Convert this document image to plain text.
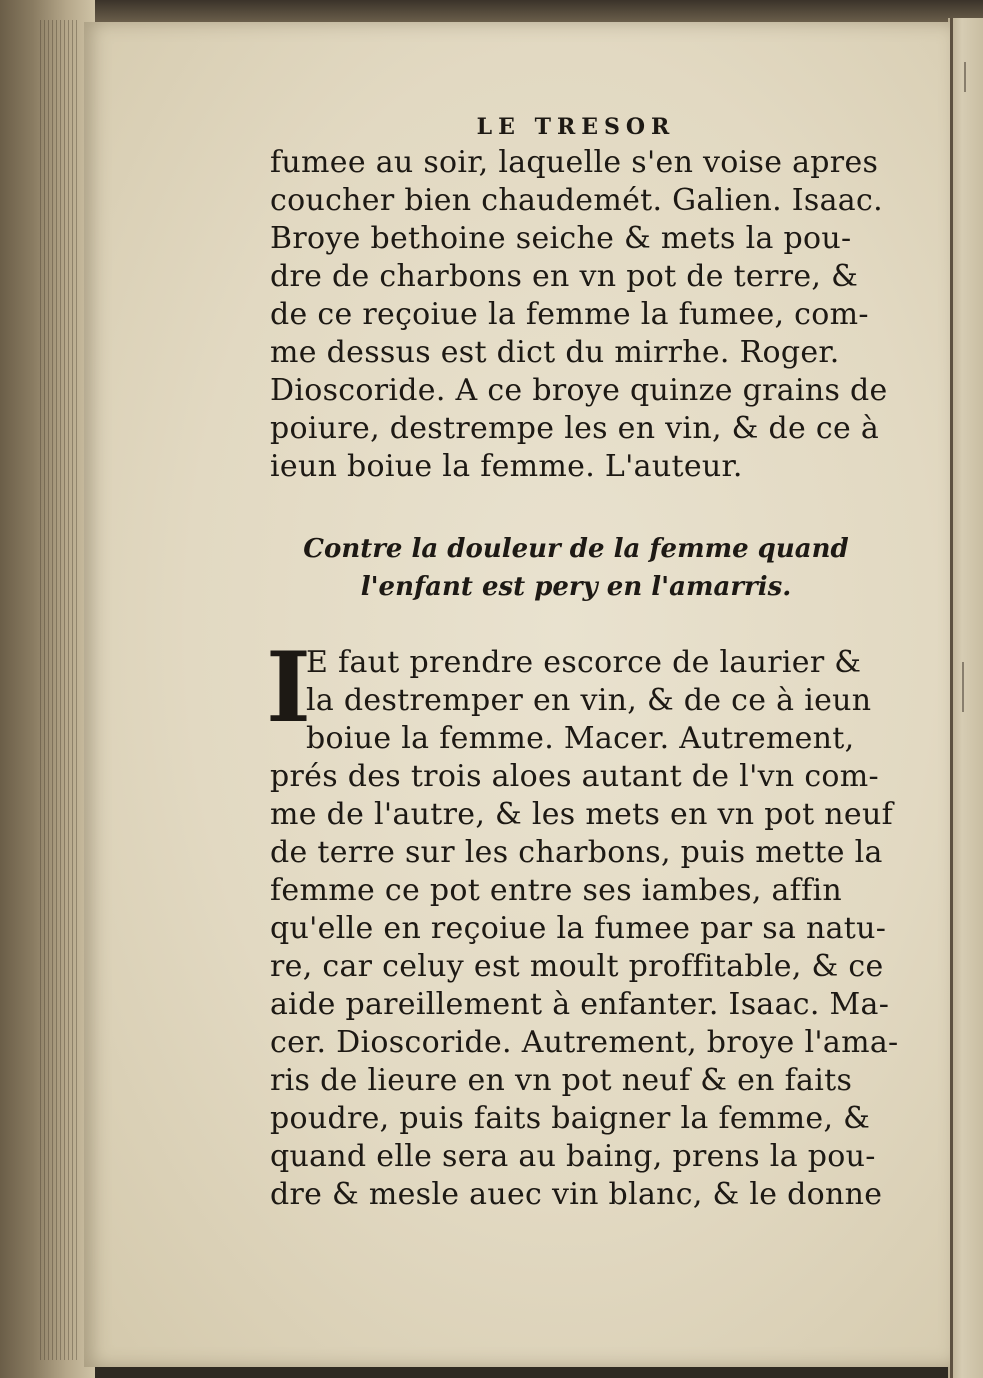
LE TRESOR
fumee au soir, laquelle s'en voise apres
coucher bien chaudemét. Galien. Isaac.
Broye bethoine seiche & mets la pou-
dre de charbons en vn pot de terre, &
de ce reçoiue la femme la fumee, com-
me dessus est dict du mirrhe. Roger.
Dioscoride. A ce broye quinze grains de
poiure, destrempe les en vin, & de ce à
ieun boiue la femme. L'auteur.
Contre la douleur de la femme quand
l'enfant est pery en l'amarris.
I
E faut prendre escorce de laurier &
la destremper en vin, & de ce à ieun
boiue la femme. Macer. Autrement,
prés des trois aloes autant de l'vn com-
me de l'autre, & les mets en vn pot neuf
de terre sur les charbons, puis mette la
femme ce pot entre ses iambes, affin
qu'elle en reçoiue la fumee par sa natu-
re, car celuy est moult proffitable, & ce
aide pareillement à enfanter. Isaac. Ma-
cer. Dioscoride. Autrement, broye l'ama-
ris de lieure en vn pot neuf & en faits
poudre, puis faits baigner la femme, &
quand elle sera au baing, prens la pou-
dre & mesle auec vin blanc, & le donne
